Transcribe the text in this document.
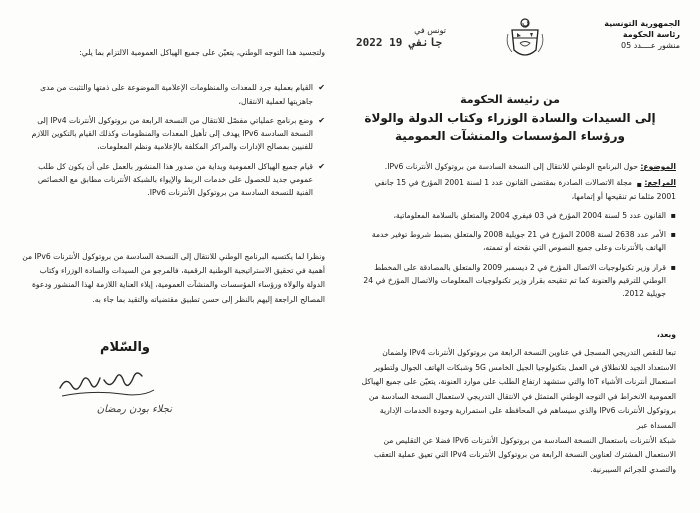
الجمهورية التونسية
رئاسة الحكومة
منشور عــــدد 05
تونس في
2022 جانفي 19
من رئيسة الحكومة
إلى السيدات والسادة الوزراء وكتاب الدولة والولاة
ورؤساء المؤسسات والمنشآت العمومية
الموضوع: حول البرنامج الوطني للانتقال إلى النسخة السادسة من بروتوكول الأنترنات IPv6.
المراجع: ▪ مجلة الاتصالات الصادرة بمقتضى القانون عدد 1 لسنة 2001 المؤرخ في 15 جانفي 2001 مثلما تم تنقيحها أو إتمامها،
▪ القانون عدد 5 لسنة 2004 المؤرخ في 03 فيفري 2004 والمتعلق بالسلامة المعلوماتية،
▪ الأمر عدد 2638 لسنة 2008 المؤرخ في 21 جويلية 2008 والمتعلق بضبط شروط توفير خدمة الهاتف بالأنترنات وعلى جميع النصوص التي نقحته أو تممته،
▪ قرار وزير تكنولوجيات الاتصال المؤرخ في 2 ديسمبر 2009 والمتعلق بالمصادقة على المخطط الوطني للترقيم والعنونة كما تم تنقيحه بقرار وزير تكنولوجيات المعلومات والاتصال المؤرخ في 24 جويلية 2012.
وبعد،
تبعا للنقص التدريجي المسجل في عناوين النسخة الرابعة من بروتوكول الأنترنات IPv4 ولضمان
الاستعداد الجيد للانطلاق في العمل بتكنولوجيا الجيل الخامس 5G وشبكات الهاتف الجوال ولتطوير
استعمال أنترنات الأشياء IoT والتي ستشهد ارتفاع الطلب على موارد العنونة، يتعيّن على جميع الهياكل
العمومية الانخراط في التوجه الوطني المتمثل في الانتقال التدريجي لاستعمال النسخة السادسة من
بروتوكول الأنترنات IPv6 والذي سيساهم في المحافظة على استمرارية وجودة الخدمات الإدارية المسداة عبر
شبكة الأنترنات باستعمال النسخة السادسة من بروتوكول الأنترنات IPv6 فضلا عن التقليص من
الاستعمال المشترك لعناوين النسخة الرابعة من بروتوكول الأنترنات IPv4 التي تعيق عملية التعقب
والتصدي للجرائم السيبرنية.
ولتجسيد هذا التوجه الوطني، يتعيّن على جميع الهياكل العمومية الالتزام بما يلي:
✔ القيام بعملية جرد للمعدات والمنظومات الإعلامية الموضوعة على ذمتها والتثبت من مدى جاهزيتها لعملية الانتقال،
✔ وضع برنامج عملياتي مفصّل للانتقال من النسخة الرابعة من بروتوكول الأنترنات IPv4 إلى النسخة السادسة IPv6 يهدف إلى تأهيل المعدات والمنظومات وكذلك القيام بالتكوين اللازم للفنيين بمصالح الإدارات والمراكز المكلفة بالإعلامية ونظم المعلومات،
✔ قيام جميع الهياكل العمومية وبداية من صدور هذا المنشور بالعمل على أن يكون كل طلب عمومي جديد للحصول على خدمات الربط والإيواء بالشبكة الأنترنات مطابق مع الخصائص الفنية للنسخة السادسة من بروتوكول الأنترنات IPv6.
ونظرا لما يكتسيه البرنامج الوطني للانتقال إلى النسخة السادسة من بروتوكول الأنترنات IPv6 من أهمية في تحقيق الاستراتيجية الوطنية الرقمية، فالمرجو من السيدات والسادة الوزراء وكتاب الدولة والولاة ورؤساء المؤسسات والمنشآت العمومية، إيلاء العناية اللازمة لهذا المنشور ودعوة المصالح الراجعة إليهم بالنظر إلى حسن تطبيق مقتضياته والتقيد بما جاء به.
والسّلام
نجلاء بودن رمضان
